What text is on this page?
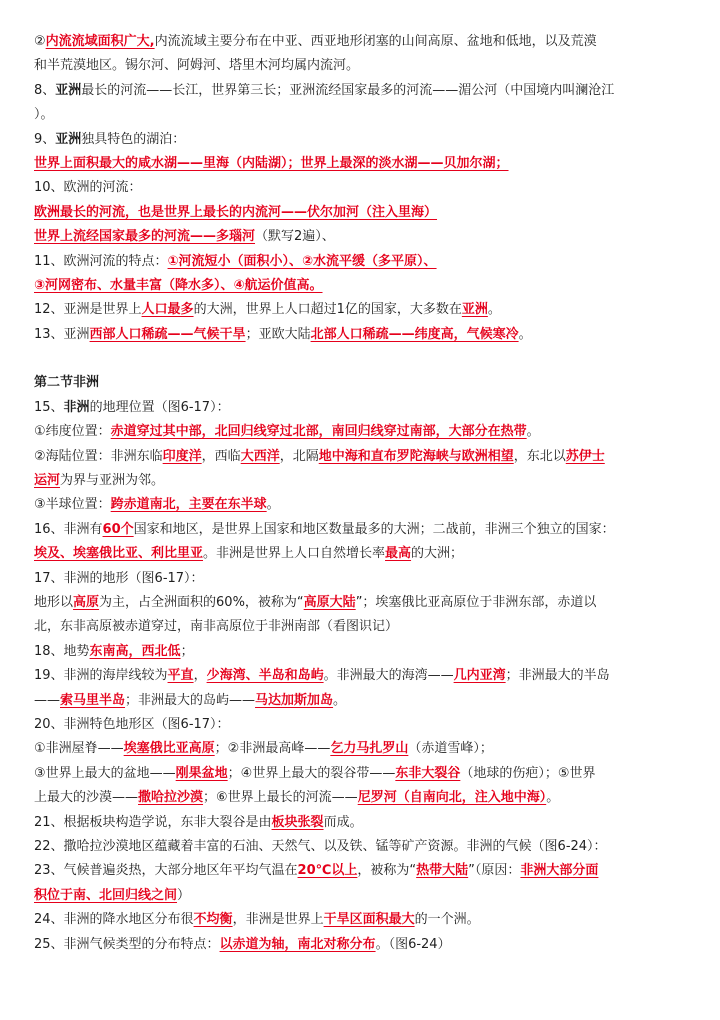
②内流流域面积广大,内流流域主要分布在中亚、西亚地形闭塞的山间高原、盆地和低地，以及荒漠
和半荒漠地区。锡尔河、阿姆河、塔里木河均属内流河。
8、亚洲最长的河流——长江，世界第三长；亚洲流经国家最多的河流——湄公河（中国境内叫澜沧江
）。
9、亚洲独具特色的湖泊：
世界上面积最大的咸水湖——里海（内陆湖）；世界上最深的淡水湖——贝加尔湖；
10、欧洲的河流：
欧洲最长的河流，也是世界上最长的内流河——伏尔加河（注入里海）
世界上流经国家最多的河流——多瑙河（默写2遍）、
11、欧洲河流的特点：①河流短小（面积小）、②水流平缓（多平原）、
③河网密布、水量丰富（降水多）、④航运价值高。
12、亚洲是世界上人口最多的大洲，世界上人口超过1亿的国家，大多数在亚洲。
13、亚洲西部人口稀疏——气候干旱；亚欧大陆北部人口稀疏——纬度高，气候寒冷。
第二节非洲
15、非洲的地理位置（图6-17）：
①纬度位置：赤道穿过其中部，北回归线穿过北部，南回归线穿过南部，大部分在热带。
②海陆位置：非洲东临印度洋，西临大西洋，北隔地中海和直布罗陀海峡与欧洲相望，东北以苏伊士
运河为界与亚洲为邻。
③半球位置：跨赤道南北，主要在东半球。
16、非洲有60个国家和地区，是世界上国家和地区数量最多的大洲；二战前，非洲三个独立的国家：
埃及、埃塞俄比亚、利比里亚。非洲是世界上人口自然增长率最高的大洲；
17、非洲的地形（图6-17）：
地形以高原为主，占全洲面积的60%，被称为“高原大陆”；埃塞俄比亚高原位于非洲东部，赤道以
北，东非高原被赤道穿过，南非高原位于非洲南部（看图识记）
18、地势东南高，西北低；
19、非洲的海岸线较为平直，少海湾、半岛和岛屿。非洲最大的海湾——几内亚湾；非洲最大的半岛
——索马里半岛；非洲最大的岛屿——马达加斯加岛。
20、非洲特色地形区（图6-17）：
①非洲屋脊——埃塞俄比亚高原；②非洲最高峰——乞力马扎罗山（赤道雪峰）；
③世界上最大的盆地——刚果盆地；④世界上最大的裂谷带——东非大裂谷（地球的伤疤）；⑤世界
上最大的沙漠——撒哈拉沙漠；⑥世界上最长的河流——尼罗河（自南向北，注入地中海）。
21、根据板块构造学说，东非大裂谷是由板块张裂而成。
22、撒哈拉沙漠地区蕴藏着丰富的石油、天然气、以及铁、锰等矿产资源。非洲的气候（图6-24）：
23、气候普遍炎热，大部分地区年平均气温在20℃以上，被称为“热带大陆”（原因：非洲大部分面
积位于南、北回归线之间）
24、非洲的降水地区分布很不均衡，非洲是世界上干旱区面积最大的一个洲。
25、非洲气候类型的分布特点：以赤道为轴，南北对称分布。（图6-24）
